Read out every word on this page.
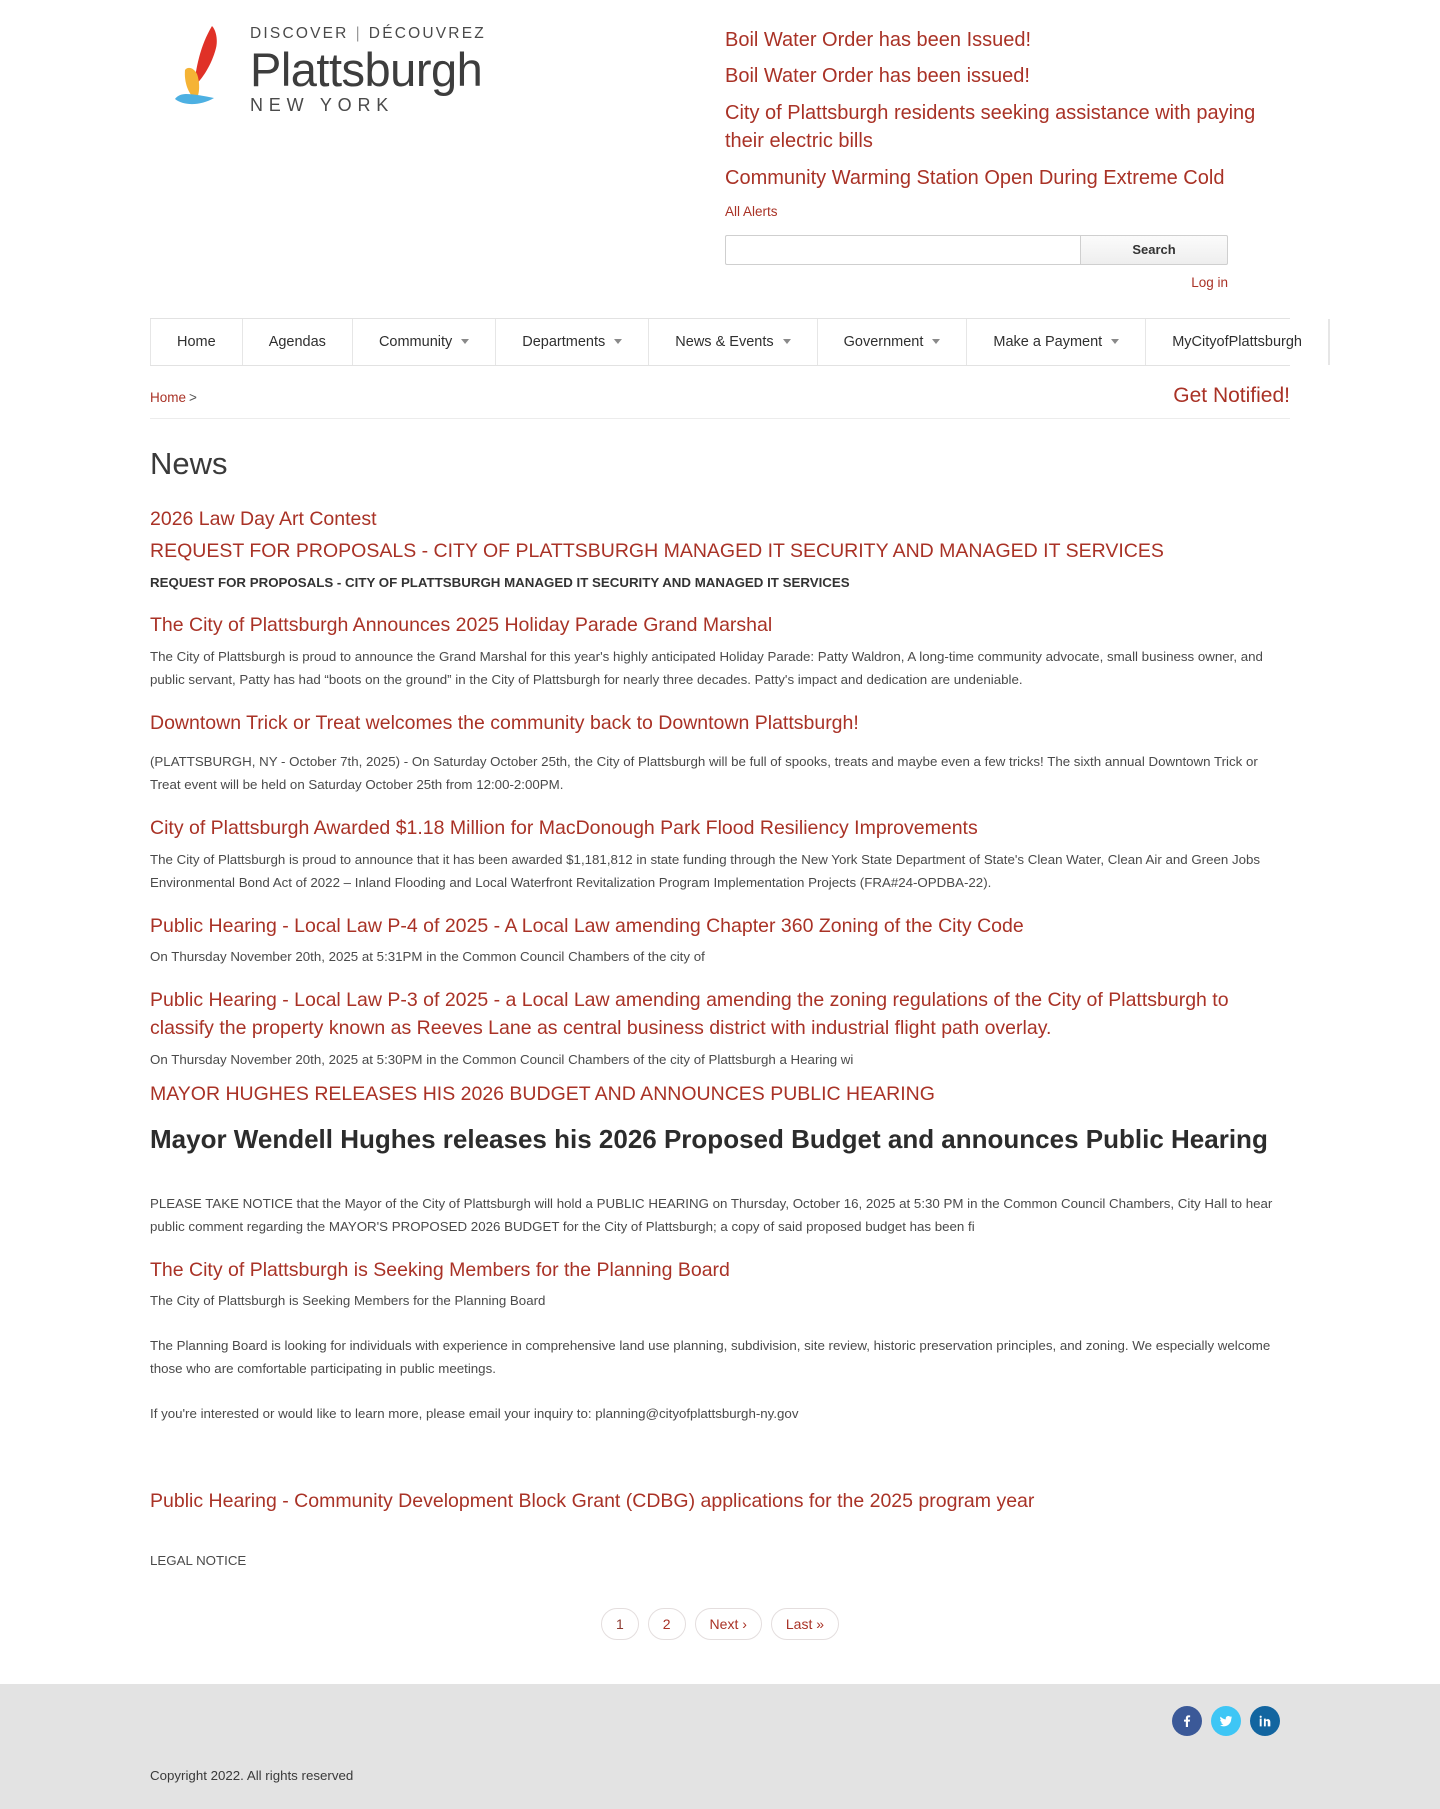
DISCOVER | DÉCOUVREZ
Plattsburgh
NEW YORK
Boil Water Order has been Issued!
Boil Water Order has been issued!
City of Plattsburgh residents seeking assistance with paying their electric bills
Community Warming Station Open During Extreme Cold
All Alerts
Search
Log in
Home	Agendas	Community	Departments	News & Events	Government	Make a Payment	MyCityofPlattsburgh
Home >	Get Notified!
News
2026 Law Day Art Contest
REQUEST FOR PROPOSALS - CITY OF PLATTSBURGH MANAGED IT SECURITY AND MANAGED IT SERVICES
REQUEST FOR PROPOSALS - CITY OF PLATTSBURGH MANAGED IT SECURITY AND MANAGED IT SERVICES
The City of Plattsburgh Announces 2025 Holiday Parade Grand Marshal
The City of Plattsburgh is proud to announce the Grand Marshal for this year's highly anticipated Holiday Parade: Patty Waldron, A long-time community advocate, small business owner, and public servant, Patty has had “boots on the ground” in the City of Plattsburgh for nearly three decades. Patty's impact and dedication are undeniable.
Downtown Trick or Treat welcomes the community back to Downtown Plattsburgh!
(PLATTSBURGH, NY - October 7th, 2025) - On Saturday October 25th, the City of Plattsburgh will be full of spooks, treats and maybe even a few tricks! The sixth annual Downtown Trick or Treat event will be held on Saturday October 25th from 12:00-2:00PM.
City of Plattsburgh Awarded $1.18 Million for MacDonough Park Flood Resiliency Improvements
The City of Plattsburgh is proud to announce that it has been awarded $1,181,812 in state funding through the New York State Department of State's Clean Water, Clean Air and Green Jobs Environmental Bond Act of 2022 – Inland Flooding and Local Waterfront Revitalization Program Implementation Projects (FRA#24-OPDBA-22).
Public Hearing - Local Law P-4 of 2025 - A Local Law amending Chapter 360 Zoning of the City Code
On Thursday November 20th, 2025 at 5:31PM in the Common Council Chambers of the city of
Public Hearing - Local Law P-3 of 2025 - a Local Law amending amending the zoning regulations of the City of Plattsburgh to classify the property known as Reeves Lane as central business district with industrial flight path overlay.
On Thursday November 20th, 2025 at 5:30PM in the Common Council Chambers of the city of Plattsburgh a Hearing wi
MAYOR HUGHES RELEASES HIS 2026 BUDGET AND ANNOUNCES PUBLIC HEARING
Mayor Wendell Hughes releases his 2026 Proposed Budget and announces Public Hearing
PLEASE TAKE NOTICE that the Mayor of the City of Plattsburgh will hold a PUBLIC HEARING on Thursday, October 16, 2025 at 5:30 PM in the Common Council Chambers, City Hall to hear public comment regarding the MAYOR'S PROPOSED 2026 BUDGET for the City of Plattsburgh; a copy of said proposed budget has been fi
The City of Plattsburgh is Seeking Members for the Planning Board
The City of Plattsburgh is Seeking Members for the Planning Board
The Planning Board is looking for individuals with experience in comprehensive land use planning, subdivision, site review, historic preservation principles, and zoning. We especially welcome those who are comfortable participating in public meetings.
If you're interested or would like to learn more, please email your inquiry to: planning@cityofplattsburgh-ny.gov
Public Hearing - Community Development Block Grant (CDBG) applications for the 2025 program year
LEGAL NOTICE
1	2	Next ›	Last »
Copyright 2022. All rights reserved
